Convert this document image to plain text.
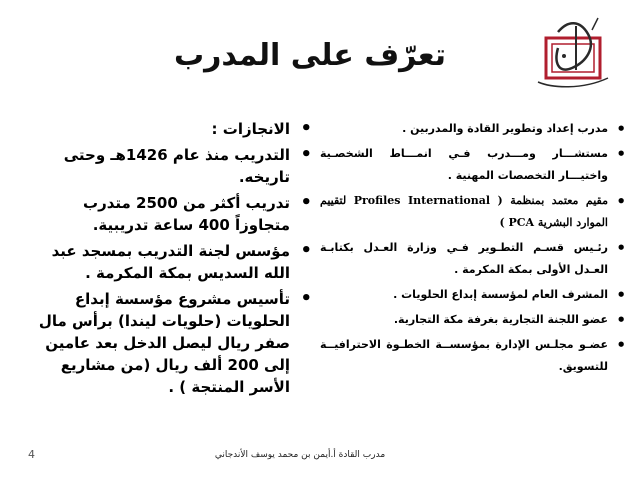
تعرّف على المدرب
• مدرب إعداد وتطوير القادة والمدربين .
• مستشـــار ومـــدرب فـي انمـــاط الشخصـية واختيـــار التخصصات المهنية .
• مقيم معتمد بمنظمة ( Profiles International لتقييم الموارد البشرية PCA )
• رئـيس قسـم التطـوير فـي وزارة العـدل بكتابـة العـدل الأولى بمكة المكرمة .
• المشرف العام لمؤسسة إبداع الحلويات .
• عضو اللجنة التجارية بغرفة مكة التجارية.
• عضـو مجلـس الإدارة بمؤسســة الخطـوة الاحترافيــة للتسويق.
• الانجازات :
• التدريب منذ عام 1426هـ وحتى تاريخه.
• تدريب أكثر من 2500 متدرب متجاوزاً 400 ساعة تدريبية.
• مؤسس لجنة التدريب بمسجد عبد الله السديس بمكة المكرمة .
• تأسيس مشروع مؤسسة إبداع الحلويات (حلويات ليندا) برأس مال صفر ريال ليصل الدخل بعد عامين إلى 200 ألف ريال (من مشاريع الأسر المنتجة ) .
مدرب القادة أ.أيمن بن محمد يوسف الأندجاني
4
